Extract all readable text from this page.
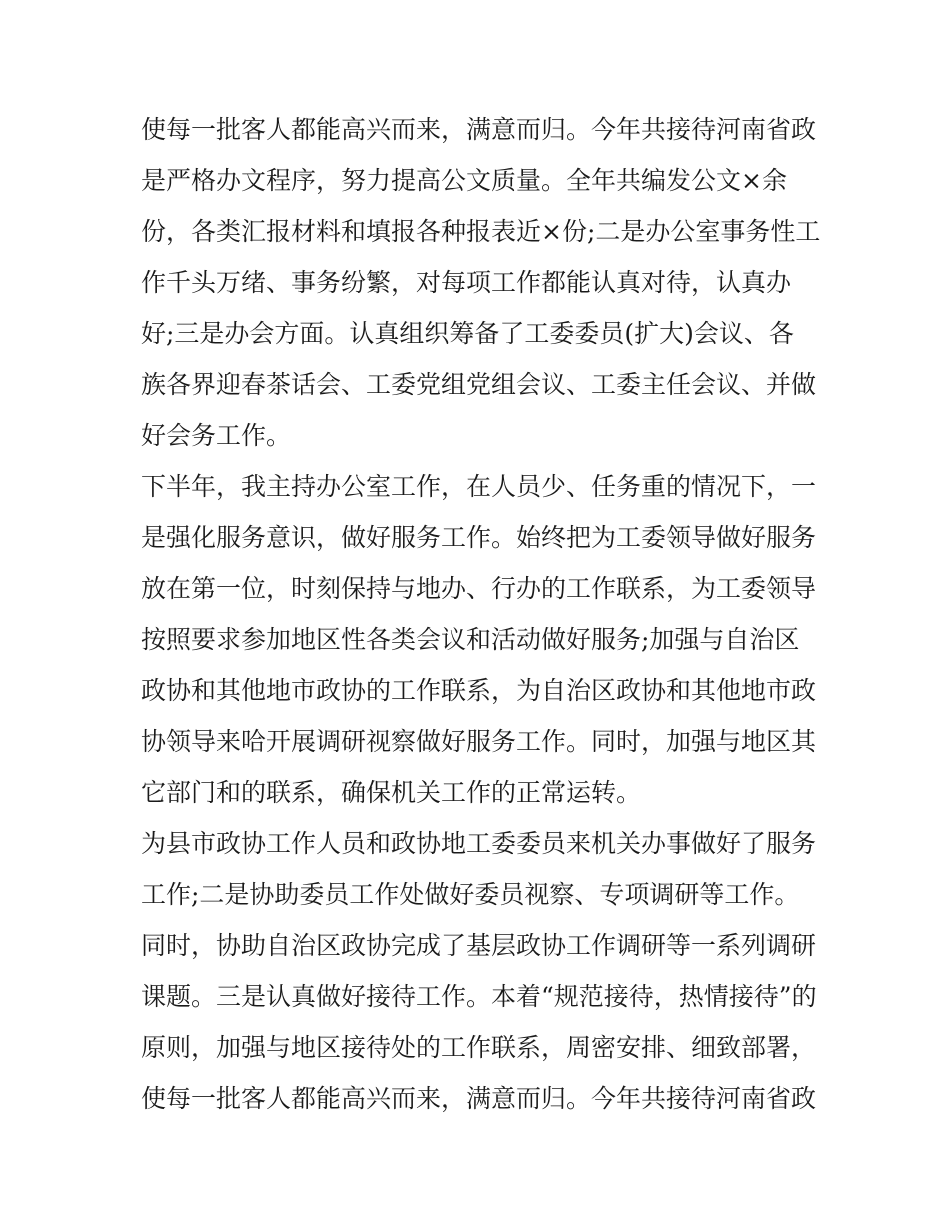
使每一批客人都能高兴而来，满意而归。今年共接待河南省政
是严格办文程序，努力提高公文质量。全年共编发公文×余
份，各类汇报材料和填报各种报表近×份;二是办公室事务性工
作千头万绪、事务纷繁，对每项工作都能认真对待，认真办
好;三是办会方面。认真组织筹备了工委委员(扩大)会议、各
族各界迎春茶话会、工委党组党组会议、工委主任会议、并做
好会务工作。
下半年，我主持办公室工作，在人员少、任务重的情况下，一
是强化服务意识，做好服务工作。始终把为工委领导做好服务
放在第一位，时刻保持与地办、行办的工作联系，为工委领导
按照要求参加地区性各类会议和活动做好服务;加强与自治区
政协和其他地市政协的工作联系，为自治区政协和其他地市政
协领导来哈开展调研视察做好服务工作。同时，加强与地区其
它部门和的联系，确保机关工作的正常运转。
为县市政协工作人员和政协地工委委员来机关办事做好了服务
工作;二是协助委员工作处做好委员视察、专项调研等工作。
同时，协助自治区政协完成了基层政协工作调研等一系列调研
课题。三是认真做好接待工作。本着“规范接待，热情接待”的
原则，加强与地区接待处的工作联系，周密安排、细致部署，
使每一批客人都能高兴而来，满意而归。今年共接待河南省政
